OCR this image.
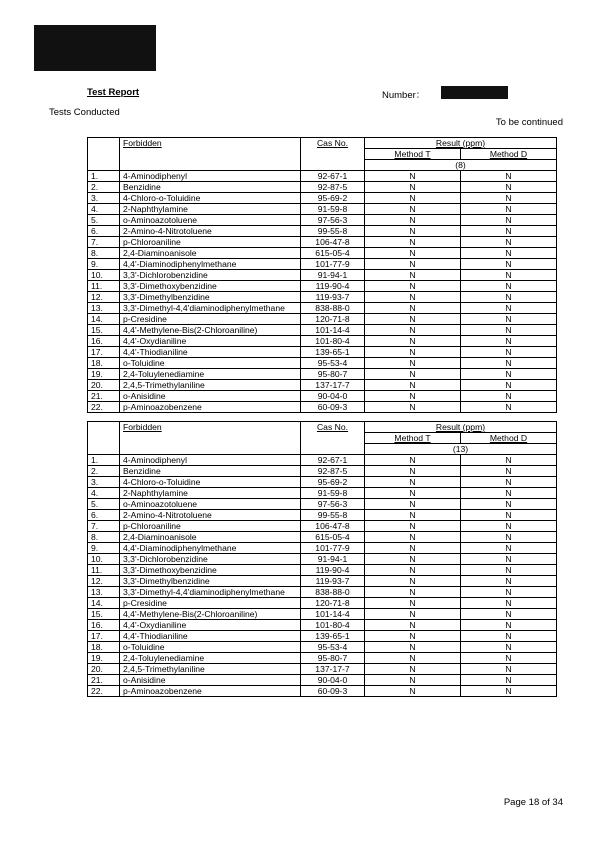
Test Report	Number：
Tests Conducted
To be continued
	Forbidden	Cas No.	Result (ppm)	
			Method T	Method D
			(8)	
1.	4-Aminodiphenyl	92-67-1	N	N
2.	Benzidine	92-87-5	N	N
3.	4-Chloro-o-Toluidine	95-69-2	N	N
4.	2-Naphthylamine	91-59-8	N	N
5.	o-Aminoazotoluene	97-56-3	N	N
6.	2-Amino-4-Nitrotoluene	99-55-8	N	N
7.	p-Chloroaniline	106-47-8	N	N
8.	2,4-Diaminoanisole	615-05-4	N	N
9.	4,4'-Diaminodiphenylmethane	101-77-9	N	N
10.	3,3'-Dichlorobenzidine	91-94-1	N	N
11.	3,3'-Dimethoxybenzidine	119-90-4	N	N
12.	3,3'-Dimethylbenzidine	119-93-7	N	N
13.	3,3'-Dimethyl-4,4'diaminodiphenylmethane	838-88-0	N	N
14.	p-Cresidine	120-71-8	N	N
15.	4,4'-Methylene-Bis(2-Chloroaniline)	101-14-4	N	N
16.	4,4'-Oxydianiline	101-80-4	N	N
17.	4,4'-Thiodianiline	139-65-1	N	N
18.	o-Toluidine	95-53-4	N	N
19.	2,4-Toluylenediamine	95-80-7	N	N
20.	2,4,5-Trimethylaniline	137-17-7	N	N
21.	o-Anisidine	90-04-0	N	N
22.	p-Aminoazobenzene	60-09-3	N	N
	Forbidden	Cas No.	Result (ppm)	
			Method T	Method D
			(13)	
1.	4-Aminodiphenyl	92-67-1	N	N
2.	Benzidine	92-87-5	N	N
3.	4-Chloro-o-Toluidine	95-69-2	N	N
4.	2-Naphthylamine	91-59-8	N	N
5.	o-Aminoazotoluene	97-56-3	N	N
6.	2-Amino-4-Nitrotoluene	99-55-8	N	N
7.	p-Chloroaniline	106-47-8	N	N
8.	2,4-Diaminoanisole	615-05-4	N	N
9.	4,4'-Diaminodiphenylmethane	101-77-9	N	N
10.	3,3'-Dichlorobenzidine	91-94-1	N	N
11.	3,3'-Dimethoxybenzidine	119-90-4	N	N
12.	3,3'-Dimethylbenzidine	119-93-7	N	N
13.	3,3'-Dimethyl-4,4'diaminodiphenylmethane	838-88-0	N	N
14.	p-Cresidine	120-71-8	N	N
15.	4,4'-Methylene-Bis(2-Chloroaniline)	101-14-4	N	N
16.	4,4'-Oxydianiline	101-80-4	N	N
17.	4,4'-Thiodianiline	139-65-1	N	N
18.	o-Toluidine	95-53-4	N	N
19.	2,4-Toluylenediamine	95-80-7	N	N
20.	2,4,5-Trimethylaniline	137-17-7	N	N
21.	o-Anisidine	90-04-0	N	N
22.	p-Aminoazobenzene	60-09-3	N	N
Page 18 of 34
